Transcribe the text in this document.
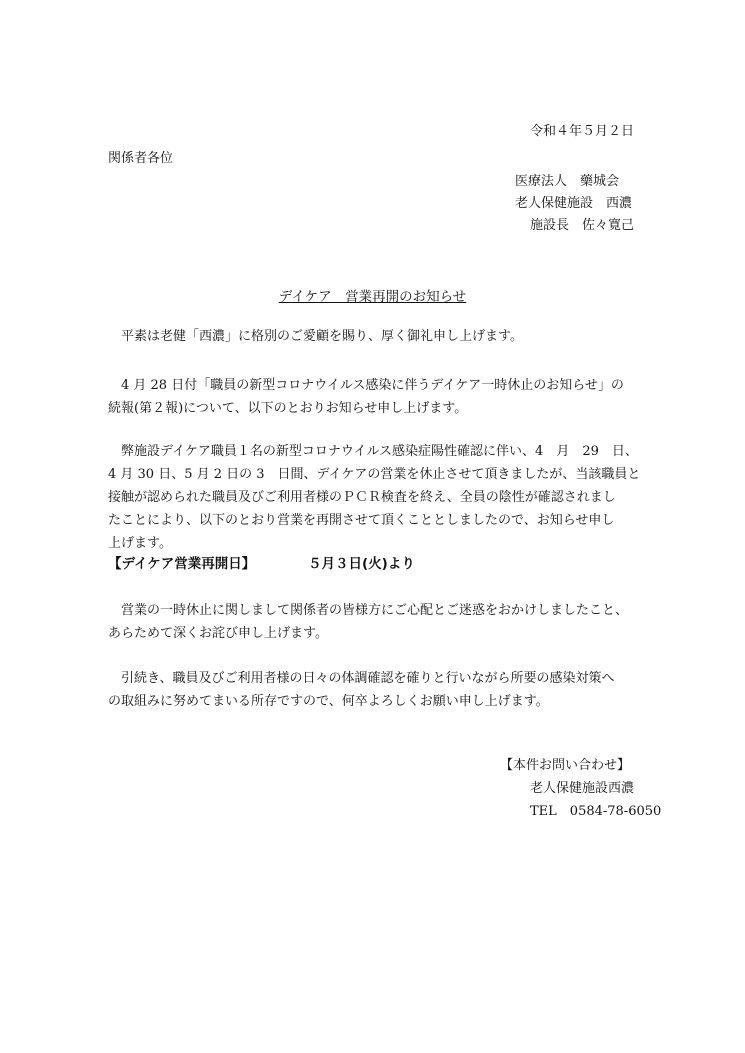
令和４年５月２日
関係者各位
医療法人　藥城会
老人保健施設　西濃
施設長　佐々寛己
デイケア　営業再開のお知らせ
平素は老健「西濃」に格別のご愛顧を賜り、厚く御礼申し上げます。
4 月 28 日付「職員の新型コロナウイルス感染に伴うデイケア一時休止のお知らせ」の
続報(第２報)について、以下のとおりお知らせ申し上げます。
弊施設デイケア職員１名の新型コロナウイルス感染症陽性確認に伴い、4　月　29　日、
4 月 30 日、5 月 2 日の 3　日間、デイケアの営業を休止させて頂きましたが、当該職員と
接触が認められた職員及びご利用者様のＰＣＲ検査を終え、全員の陰性が確認されまし
たことにより、以下のとおり営業を再開させて頂くこととしましたので、お知らせ申し
上げます。
【デイケア営業再開日】	５月３日(火)より
営業の一時休止に関しまして関係者の皆様方にご心配とご迷惑をおかけしましたこと、
あらためて深くお詫び申し上げます。
引続き、職員及びご利用者様の日々の体調確認を確りと行いながら所要の感染対策へ
の取組みに努めてまいる所存ですので、何卒よろしくお願い申し上げます。
【本件お問い合わせ】
老人保健施設西濃
TEL　0584-78-6050
